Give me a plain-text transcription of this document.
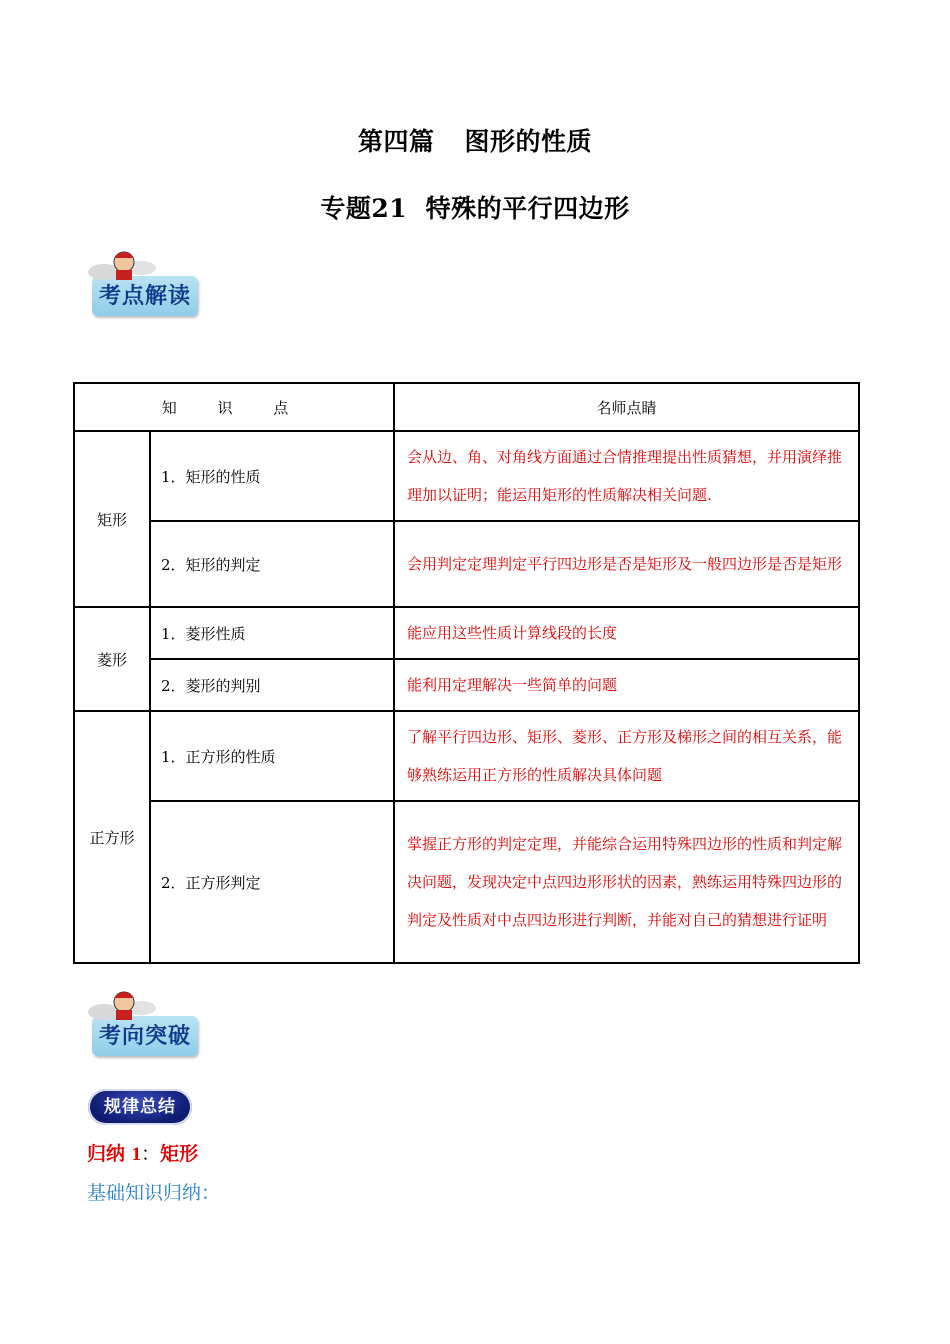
第四篇 图形的性质
专题21  特殊的平行四边形
考点解读
知 识 点		名师点睛
矩形	1．矩形的性质	会从边、角、对角线方面通过合情推理提出性质猜想，并用演绎推理加以证明；能运用矩形的性质解决相关问题.
	2．矩形的判定	会用判定定理判定平行四边形是否是矩形及一般四边形是否是矩形
菱形	1．菱形性质	能应用这些性质计算线段的长度
	2．菱形的判别	能利用定理解决一些简单的问题
正方形	1．正方形的性质	了解平行四边形、矩形、菱形、正方形及梯形之间的相互关系，能够熟练运用正方形的性质解决具体问题
	2．正方形判定	掌握正方形的判定定理，并能综合运用特殊四边形的性质和判定解决问题，发现决定中点四边形形状的因素，熟练运用特殊四边形的判定及性质对中点四边形进行判断，并能对自己的猜想进行证明
考向突破
规律总结
归纳 1：矩形
基础知识归纳：
